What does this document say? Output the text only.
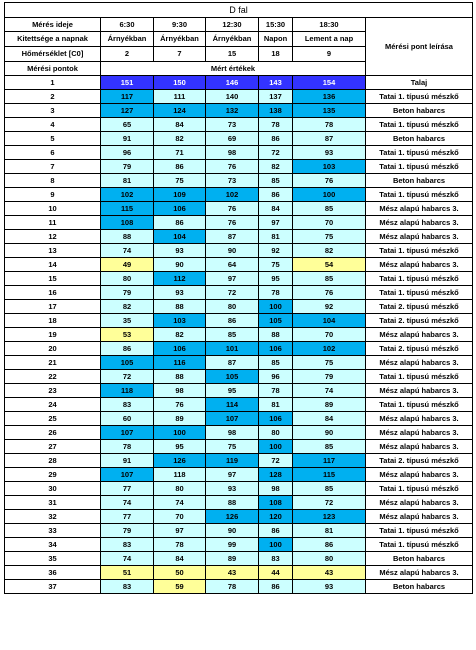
D fal						
Mérés ideje	6:30	9:30	12:30	15:30	18:30	Mérési pont leírása
Kitettsége a napnak	Árnyékban	Árnyékban	Árnyékban	Napon	Lement a nap	
Hőmérséklet [C0]	2	7	15	18	9	
Mérési pontok	Mért értékek					
1	151	150	146	143	154	Talaj
2	117	111	140	137	136	Tatai 1. típusú mészkő
3	127	124	132	138	135	Beton habarcs
4	65	84	73	78	78	Tatai 1. típusú mészkő
5	91	82	69	86	87	Beton habarcs
6	96	71	98	72	93	Tatai 1. típusú mészkő
7	79	86	76	82	103	Tatai 1. típusú mészkő
8	81	75	73	85	76	Beton habarcs
9	102	109	102	86	100	Tatai 1. típusú mészkő
10	115	106	76	84	85	Mész alapú habarcs 3.
11	108	86	76	97	70	Mész alapú habarcs 3.
12	88	104	87	81	75	Mész alapú habarcs 3.
13	74	93	90	92	82	Tatai 1. típusú mészkő
14	49	90	64	75	54	Mész alapú habarcs 3.
15	80	112	97	95	85	Tatai 1. típusú mészkő
16	79	93	72	78	76	Tatai 1. típusú mészkő
17	82	88	80	100	92	Tatai 2. típusú mészkő
18	35	103	86	105	104	Tatai 2. típusú mészkő
19	53	82	85	88	70	Mész alapú habarcs 3.
20	86	106	101	106	102	Tatai 2. típusú mészkő
21	105	116	87	85	75	Mész alapú habarcs 3.
22	72	88	105	96	79	Tatai 1. típusú mészkő
23	118	98	95	78	74	Mész alapú habarcs 3.
24	83	76	114	81	89	Tatai 1. típusú mészkő
25	60	89	107	106	84	Mész alapú habarcs 3.
26	107	100	98	80	90	Mész alapú habarcs 3.
27	78	95	75	100	85	Mész alapú habarcs 3.
28	91	126	119	72	117	Tatai 2. típusú mészkő
29	107	118	97	128	115	Mész alapú habarcs 3.
30	77	80	93	98	85	Tatai 1. típusú mészkő
31	74	74	88	108	72	Mész alapú habarcs 3.
32	77	70	126	120	123	Mész alapú habarcs 3.
33	79	97	90	86	81	Tatai 1. típusú mészkő
34	83	78	99	100	86	Tatai 1. típusú mészkő
35	74	84	89	83	80	Beton habarcs
36	51	50	43	44	43	Mész alapú habarcs 3.
37	83	59	78	86	93	Beton habarcs
